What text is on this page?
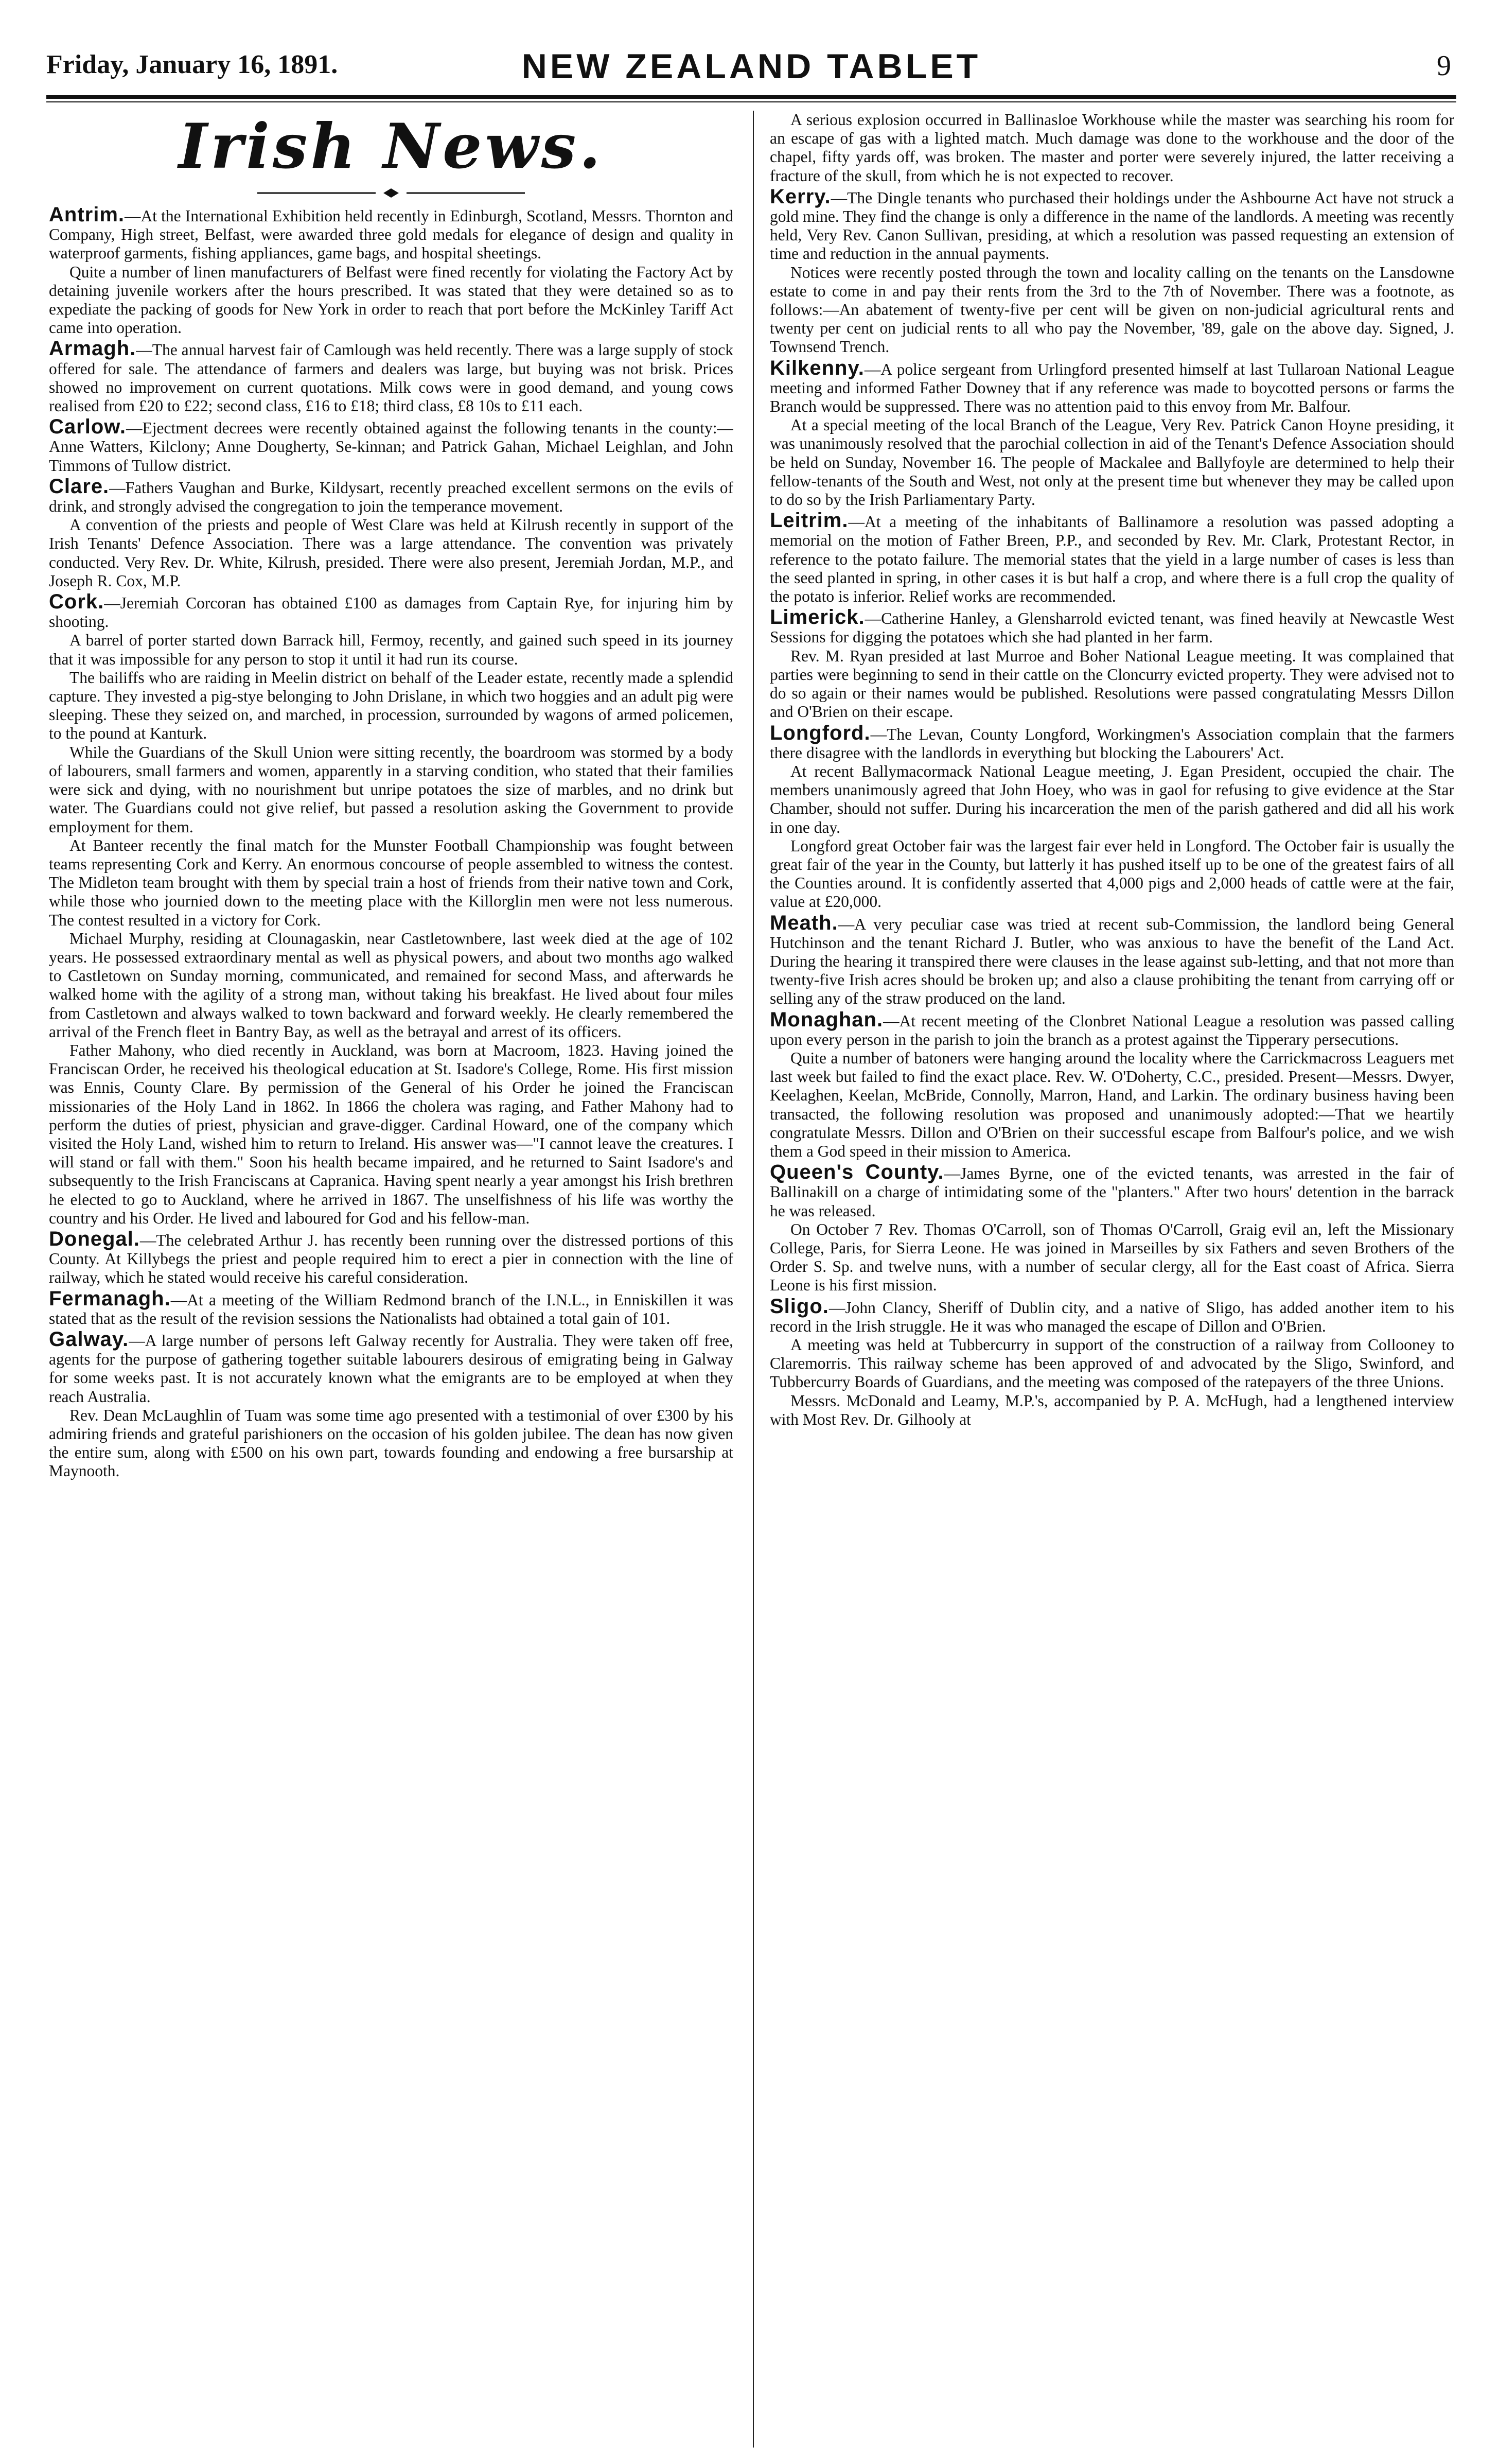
Friday, January 16, 1891.	NEW ZEALAND TABLET	9
Irish News.

Antrim.—At the International Exhibition held recently in Edinburgh, Scotland, Messrs. Thornton and Company, High street, Belfast, were awarded three gold medals for elegance of design and quality in waterproof garments, fishing appliances, game bags, and hospital sheetings.

Quite a number of linen manufacturers of Belfast were fined recently for violating the Factory Act by detaining juvenile workers after the hours prescribed. It was stated that they were detained so as to expediate the packing of goods for New York in order to reach that port before the McKinley Tariff Act came into operation.

Armagh.—The annual harvest fair of Camlough was held recently. There was a large supply of stock offered for sale. The attendance of farmers and dealers was large, but buying was not brisk. Prices showed no improvement on current quotations. Milk cows were in good demand, and young cows realised from £20 to £22; second class, £16 to £18; third class, £8 10s to £11 each.

Carlow.—Ejectment decrees were recently obtained against the following tenants in the county:—Anne Watters, Kilclony; Anne Dougherty, Se-kinnan; and Patrick Gahan, Michael Leighlan, and John Timmons of Tullow district.

Clare.—Fathers Vaughan and Burke, Kildysart, recently preached excellent sermons on the evils of drink, and strongly advised the congregation to join the temperance movement.

A convention of the priests and people of West Clare was held at Kilrush recently in support of the Irish Tenants' Defence Association. There was a large attendance. The convention was privately conducted. Very Rev. Dr. White, Kilrush, presided. There were also present, Jeremiah Jordan, M.P., and Joseph R. Cox, M.P.

Cork.—Jeremiah Corcoran has obtained £100 as damages from Captain Rye, for injuring him by shooting.

A barrel of porter started down Barrack hill, Fermoy, recently, and gained such speed in its journey that it was impossible for any person to stop it until it had run its course.

The bailiffs who are raiding in Meelin district on behalf of the Leader estate, recently made a splendid capture. They invested a pig-stye belonging to John Drislane, in which two hoggies and an adult pig were sleeping. These they seized on, and marched, in procession, surrounded by wagons of armed policemen, to the pound at Kanturk.

While the Guardians of the Skull Union were sitting recently, the boardroom was stormed by a body of labourers, small farmers and women, apparently in a starving condition, who stated that their families were sick and dying, with no nourishment but unripe potatoes the size of marbles, and no drink but water. The Guardians could not give relief, but passed a resolution asking the Government to provide employment for them.

At Banteer recently the final match for the Munster Football Championship was fought between teams representing Cork and Kerry. An enormous concourse of people assembled to witness the contest. The Midleton team brought with them by special train a host of friends from their native town and Cork, while those who journied down to the meeting place with the Killorglin men were not less numerous. The contest resulted in a victory for Cork.

Michael Murphy, residing at Clounagaskin, near Castletownbere, last week died at the age of 102 years. He possessed extraordinary mental as well as physical powers, and about two months ago walked to Castletown on Sunday morning, communicated, and remained for second Mass, and afterwards he walked home with the agility of a strong man, without taking his breakfast. He lived about four miles from Castletown and always walked to town backward and forward weekly. He clearly remembered the arrival of the French fleet in Bantry Bay, as well as the betrayal and arrest of its officers.

Father Mahony, who died recently in Auckland, was born at Macroom, 1823. Having joined the Franciscan Order, he received his theological education at St. Isadore's College, Rome. His first mission was Ennis, County Clare. By permission of the General of his Order he joined the Franciscan missionaries of the Holy Land in 1862. In 1866 the cholera was raging, and Father Mahony had to perform the duties of priest, physician and grave-digger. Cardinal Howard, one of the company which visited the Holy Land, wished him to return to Ireland. His answer was—"I cannot leave the creatures. I will stand or fall with them." Soon his health became impaired, and he returned to Saint Isadore's and subsequently to the Irish Franciscans at Capranica. Having spent nearly a year amongst his Irish brethren he elected to go to Auckland, where he arrived in 1867. The unselfishness of his life was worthy the country and his Order. He lived and laboured for God and his fellow-man.

Donegal.—The celebrated Arthur J. has recently been running over the distressed portions of this County. At Killybegs the priest and people required him to erect a pier in connection with the line of railway, which he stated would receive his careful consideration.

Fermanagh.—At a meeting of the William Redmond branch of the I.N.L., in Enniskillen it was stated that as the result of the revision sessions the Nationalists had obtained a total gain of 101.

Galway.—A large number of persons left Galway recently for Australia. They were taken off free, agents for the purpose of gathering together suitable labourers desirous of emigrating being in Galway for some weeks past. It is not accurately known what the emigrants are to be employed at when they reach Australia.

Rev. Dean McLaughlin of Tuam was some time ago presented with a testimonial of over £300 by his admiring friends and grateful parishioners on the occasion of his golden jubilee. The dean has now given the entire sum, along with £500 on his own part, towards founding and endowing a free bursarship at Maynooth.

A serious explosion occurred in Ballinasloe Workhouse while the master was searching his room for an escape of gas with a lighted match. Much damage was done to the workhouse and the door of the chapel, fifty yards off, was broken. The master and porter were severely injured, the latter receiving a fracture of the skull, from which he is not expected to recover.

Kerry.—The Dingle tenants who purchased their holdings under the Ashbourne Act have not struck a gold mine. They find the change is only a difference in the name of the landlords. A meeting was recently held, Very Rev. Canon Sullivan, presiding, at which a resolution was passed requesting an extension of time and reduction in the annual payments.

Notices were recently posted through the town and locality calling on the tenants on the Lansdowne estate to come in and pay their rents from the 3rd to the 7th of November. There was a footnote, as follows:—An abatement of twenty-five per cent will be given on non-judicial agricultural rents and twenty per cent on judicial rents to all who pay the November, '89, gale on the above day. Signed, J. Townsend Trench.

Kilkenny.—A police sergeant from Urlingford presented himself at last Tullaroan National League meeting and informed Father Downey that if any reference was made to boycotted persons or farms the Branch would be suppressed. There was no attention paid to this envoy from Mr. Balfour.

At a special meeting of the local Branch of the League, Very Rev. Patrick Canon Hoyne presiding, it was unanimously resolved that the parochial collection in aid of the Tenant's Defence Association should be held on Sunday, November 16. The people of Mackalee and Ballyfoyle are determined to help their fellow-tenants of the South and West, not only at the present time but whenever they may be called upon to do so by the Irish Parliamentary Party.

Leitrim.—At a meeting of the inhabitants of Ballinamore a resolution was passed adopting a memorial on the motion of Father Breen, P.P., and seconded by Rev. Mr. Clark, Protestant Rector, in reference to the potato failure. The memorial states that the yield in a large number of cases is less than the seed planted in spring, in other cases it is but half a crop, and where there is a full crop the quality of the potato is inferior. Relief works are recommended.

Limerick.—Catherine Hanley, a Glensharrold evicted tenant, was fined heavily at Newcastle West Sessions for digging the potatoes which she had planted in her farm.

Rev. M. Ryan presided at last Murroe and Boher National League meeting. It was complained that parties were beginning to send in their cattle on the Cloncurry evicted property. They were advised not to do so again or their names would be published. Resolutions were passed congratulating Messrs Dillon and O'Brien on their escape.

Longford.—The Levan, County Longford, Workingmen's Association complain that the farmers there disagree with the landlords in everything but blocking the Labourers' Act.

At recent Ballymacormack National League meeting, J. Egan President, occupied the chair. The members unanimously agreed that John Hoey, who was in gaol for refusing to give evidence at the Star Chamber, should not suffer. During his incarceration the men of the parish gathered and did all his work in one day.

Longford great October fair was the largest fair ever held in Longford. The October fair is usually the great fair of the year in the County, but latterly it has pushed itself up to be one of the greatest fairs of all the Counties around. It is confidently asserted that 4,000 pigs and 2,000 heads of cattle were at the fair, value at £20,000.

Meath.—A very peculiar case was tried at recent sub-Commission, the landlord being General Hutchinson and the tenant Richard J. Butler, who was anxious to have the benefit of the Land Act. During the hearing it transpired there were clauses in the lease against sub-letting, and that not more than twenty-five Irish acres should be broken up; and also a clause prohibiting the tenant from carrying off or selling any of the straw produced on the land.

Monaghan.—At recent meeting of the Clonbret National League a resolution was passed calling upon every person in the parish to join the branch as a protest against the Tipperary persecutions.

Quite a number of batoners were hanging around the locality where the Carrickmacross Leaguers met last week but failed to find the exact place. Rev. W. O'Doherty, C.C., presided. Present—Messrs. Dwyer, Keelaghen, Keelan, McBride, Connolly, Marron, Hand, and Larkin. The ordinary business having been transacted, the following resolution was proposed and unanimously adopted:—That we heartily congratulate Messrs. Dillon and O'Brien on their successful escape from Balfour's police, and we wish them a God speed in their mission to America.

Queen's County.—James Byrne, one of the evicted tenants, was arrested in the fair of Ballinakill on a charge of intimidating some of the "planters." After two hours' detention in the barrack he was released.

On October 7 Rev. Thomas O'Carroll, son of Thomas O'Carroll, Graig evil an, left the Missionary College, Paris, for Sierra Leone. He was joined in Marseilles by six Fathers and seven Brothers of the Order S. Sp. and twelve nuns, with a number of secular clergy, all for the East coast of Africa. Sierra Leone is his first mission.

Sligo.—John Clancy, Sheriff of Dublin city, and a native of Sligo, has added another item to his record in the Irish struggle. He it was who managed the escape of Dillon and O'Brien.

A meeting was held at Tubbercurry in support of the construction of a railway from Collooney to Claremorris. This railway scheme has been approved of and advocated by the Sligo, Swinford, and Tubbercurry Boards of Guardians, and the meeting was composed of the ratepayers of the three Unions.

Messrs. McDonald and Leamy, M.P.'s, accompanied by P. A. McHugh, had a lengthened interview with Most Rev. Dr. Gilhooly at
